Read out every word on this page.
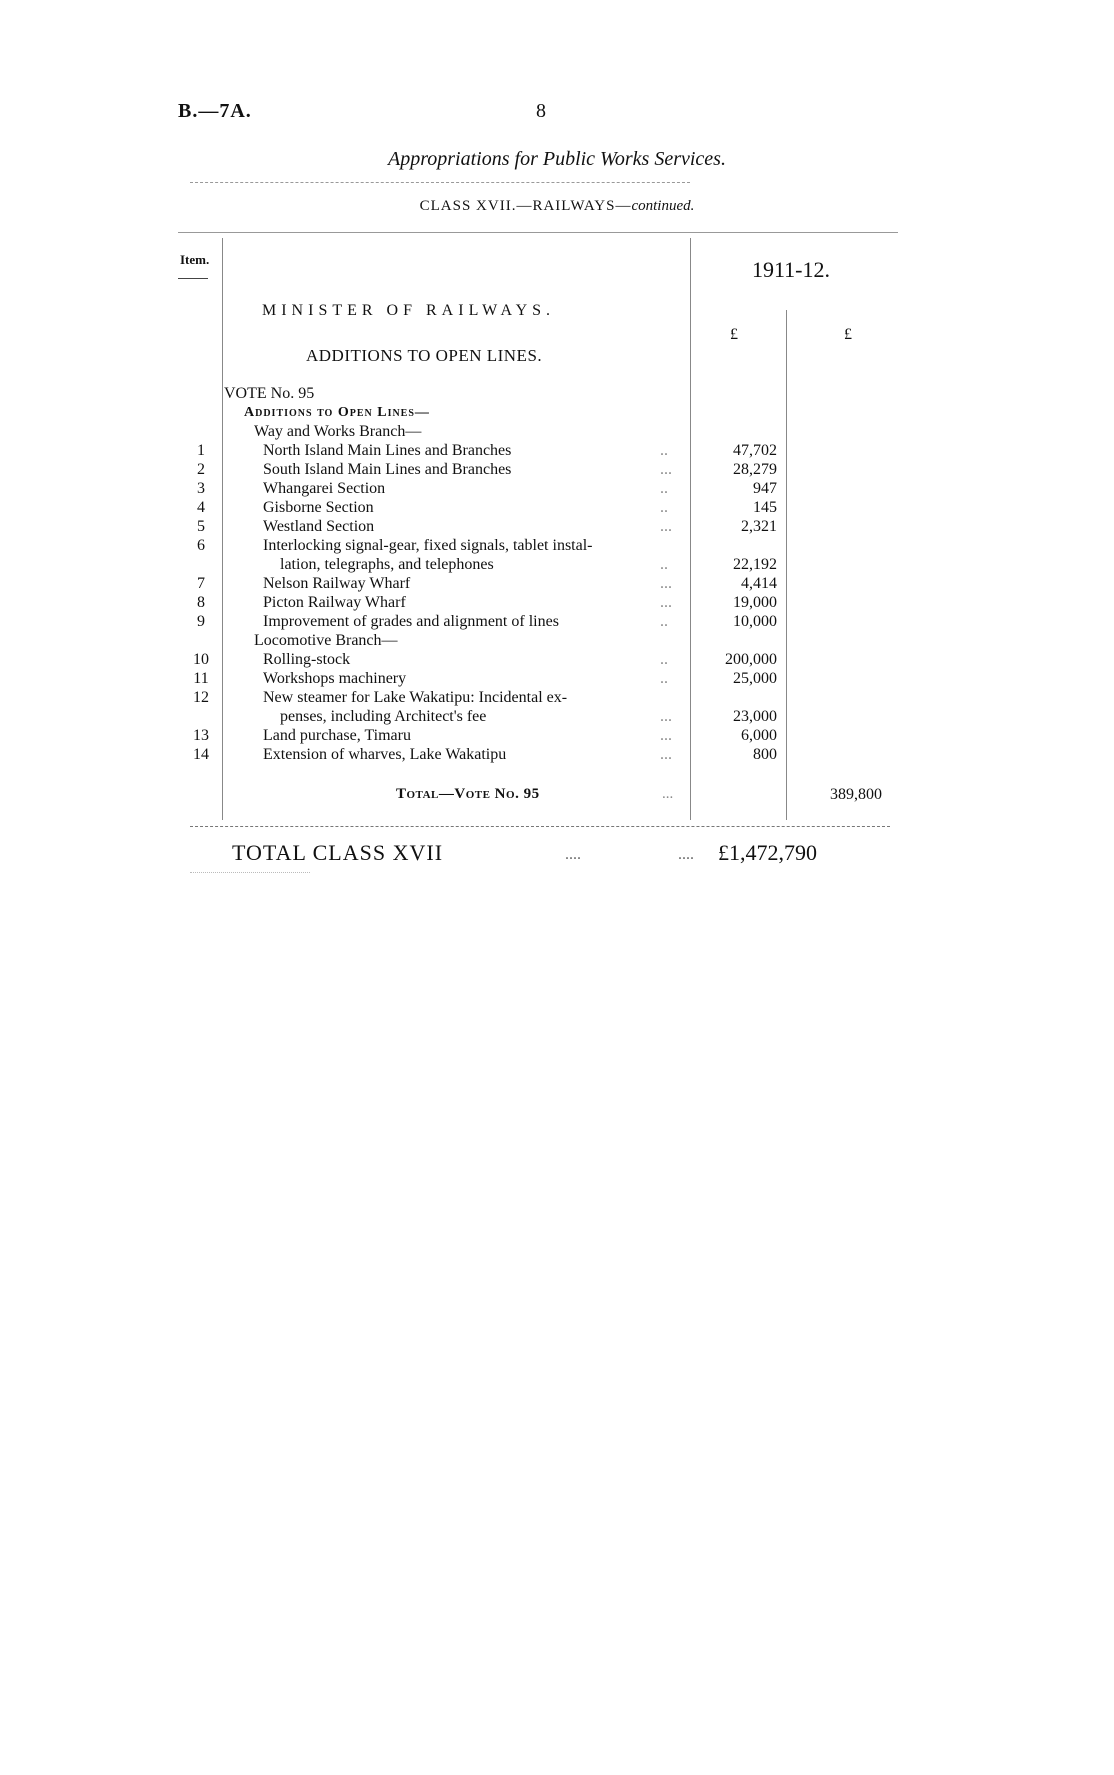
B.—7A.	8
Appropriations for Public Works Services.
CLASS XVII.—RAILWAYS—continued.
Item.	1911-12.
MINISTER OF RAILWAYS.
£	£
ADDITIONS TO OPEN LINES.
VOTE No. 95
Additions to Open Lines—
Way and Works Branch—
1	North Island Main Lines and Branches	..	47,702
2	South Island Main Lines and Branches	...	28,279
3	Whangarei Section	..	947
4	Gisborne Section	..	145
5	Westland Section	...	2,321
6	Interlocking signal-gear, fixed signals, tablet instal-
lation, telegraphs, and telephones	..	22,192
7	Nelson Railway Wharf	...	4,414
8	Picton Railway Wharf	...	19,000
9	Improvement of grades and alignment of lines	..	10,000
Locomotive Branch—
10	Rolling-stock	..	200,000
11	Workshops machinery	..	25,000
12	New steamer for Lake Wakatipu: Incidental ex-
penses, including Architect's fee	...	23,000
13	Land purchase, Timaru	...	6,000
14	Extension of wharves, Lake Wakatipu	...	800
Total—Vote No. 95	...	389,800
TOTAL CLASS XVII	....	.... £1,472,790
